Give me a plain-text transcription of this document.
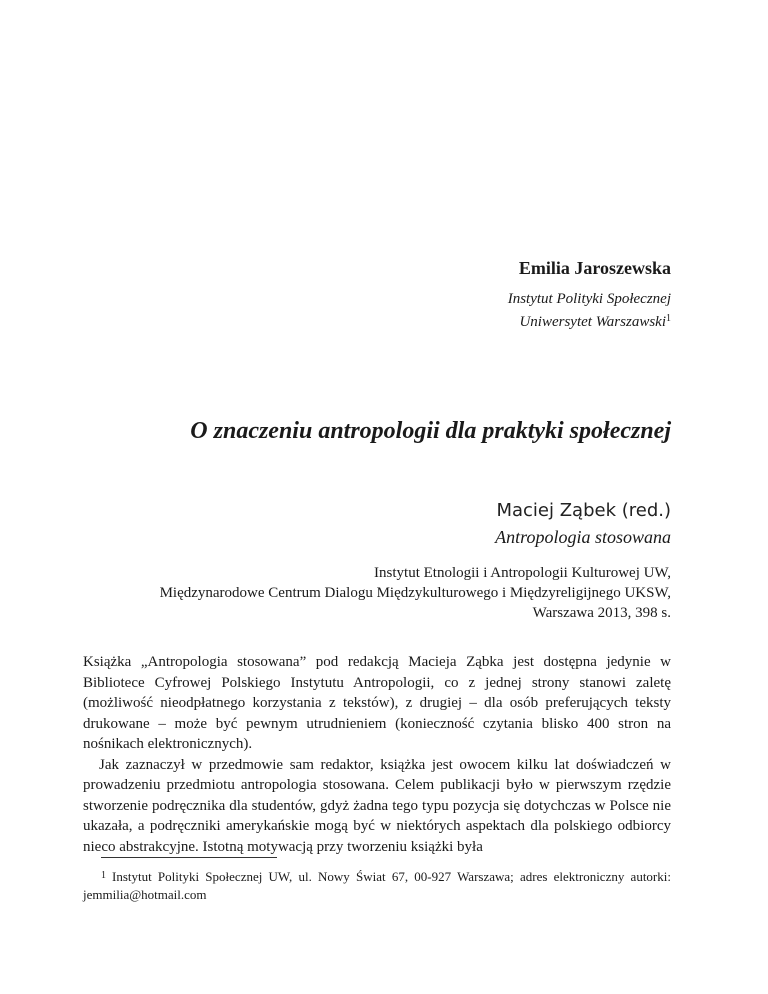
Emilia Jaroszewska
Instytut Polityki Społecznej
Uniwersytet Warszawski$^1$
O znaczeniu antropologii dla praktyki społecznej
Maciej Ząbek (red.)
Antropologia stosowana
Instytut Etnologii i Antropologii Kulturowej UW,
Międzynarodowe Centrum Dialogu Międzykulturowego i Międzyreligijnego UKSW,
Warszawa 2013, 398 s.

Książka „Antropologia stosowana” pod redakcją Macieja Ząbka jest dostępna jedynie w Bibliotece Cyfrowej Polskiego Instytutu Antropologii, co z jednej strony stanowi zaletę (możliwość nieodpłatnego korzystania z tekstów), z drugiej – dla osób preferujących teksty drukowane – może być pewnym utrudnieniem (konieczność czytania blisko 400 stron na nośnikach elektronicznych).

Jak zaznaczył w przedmowie sam redaktor, książka jest owocem kilku lat doświadczeń w prowadzeniu przedmiotu antropologia stosowana. Celem publikacji było w pierwszym rzędzie stworzenie podręcznika dla studentów, gdyż żadna tego typu pozycja się dotychczas w Polsce nie ukazała, a podręczniki amerykańskie mogą być w niektórych aspektach dla polskiego odbiorcy nieco abstrakcyjne. Istotną motywacją przy tworzeniu książki była

1 Instytut Polityki Społecznej UW, ul. Nowy Świat 67, 00-927 Warszawa; adres elektroniczny autorki: jemmilia@hotmail.com
